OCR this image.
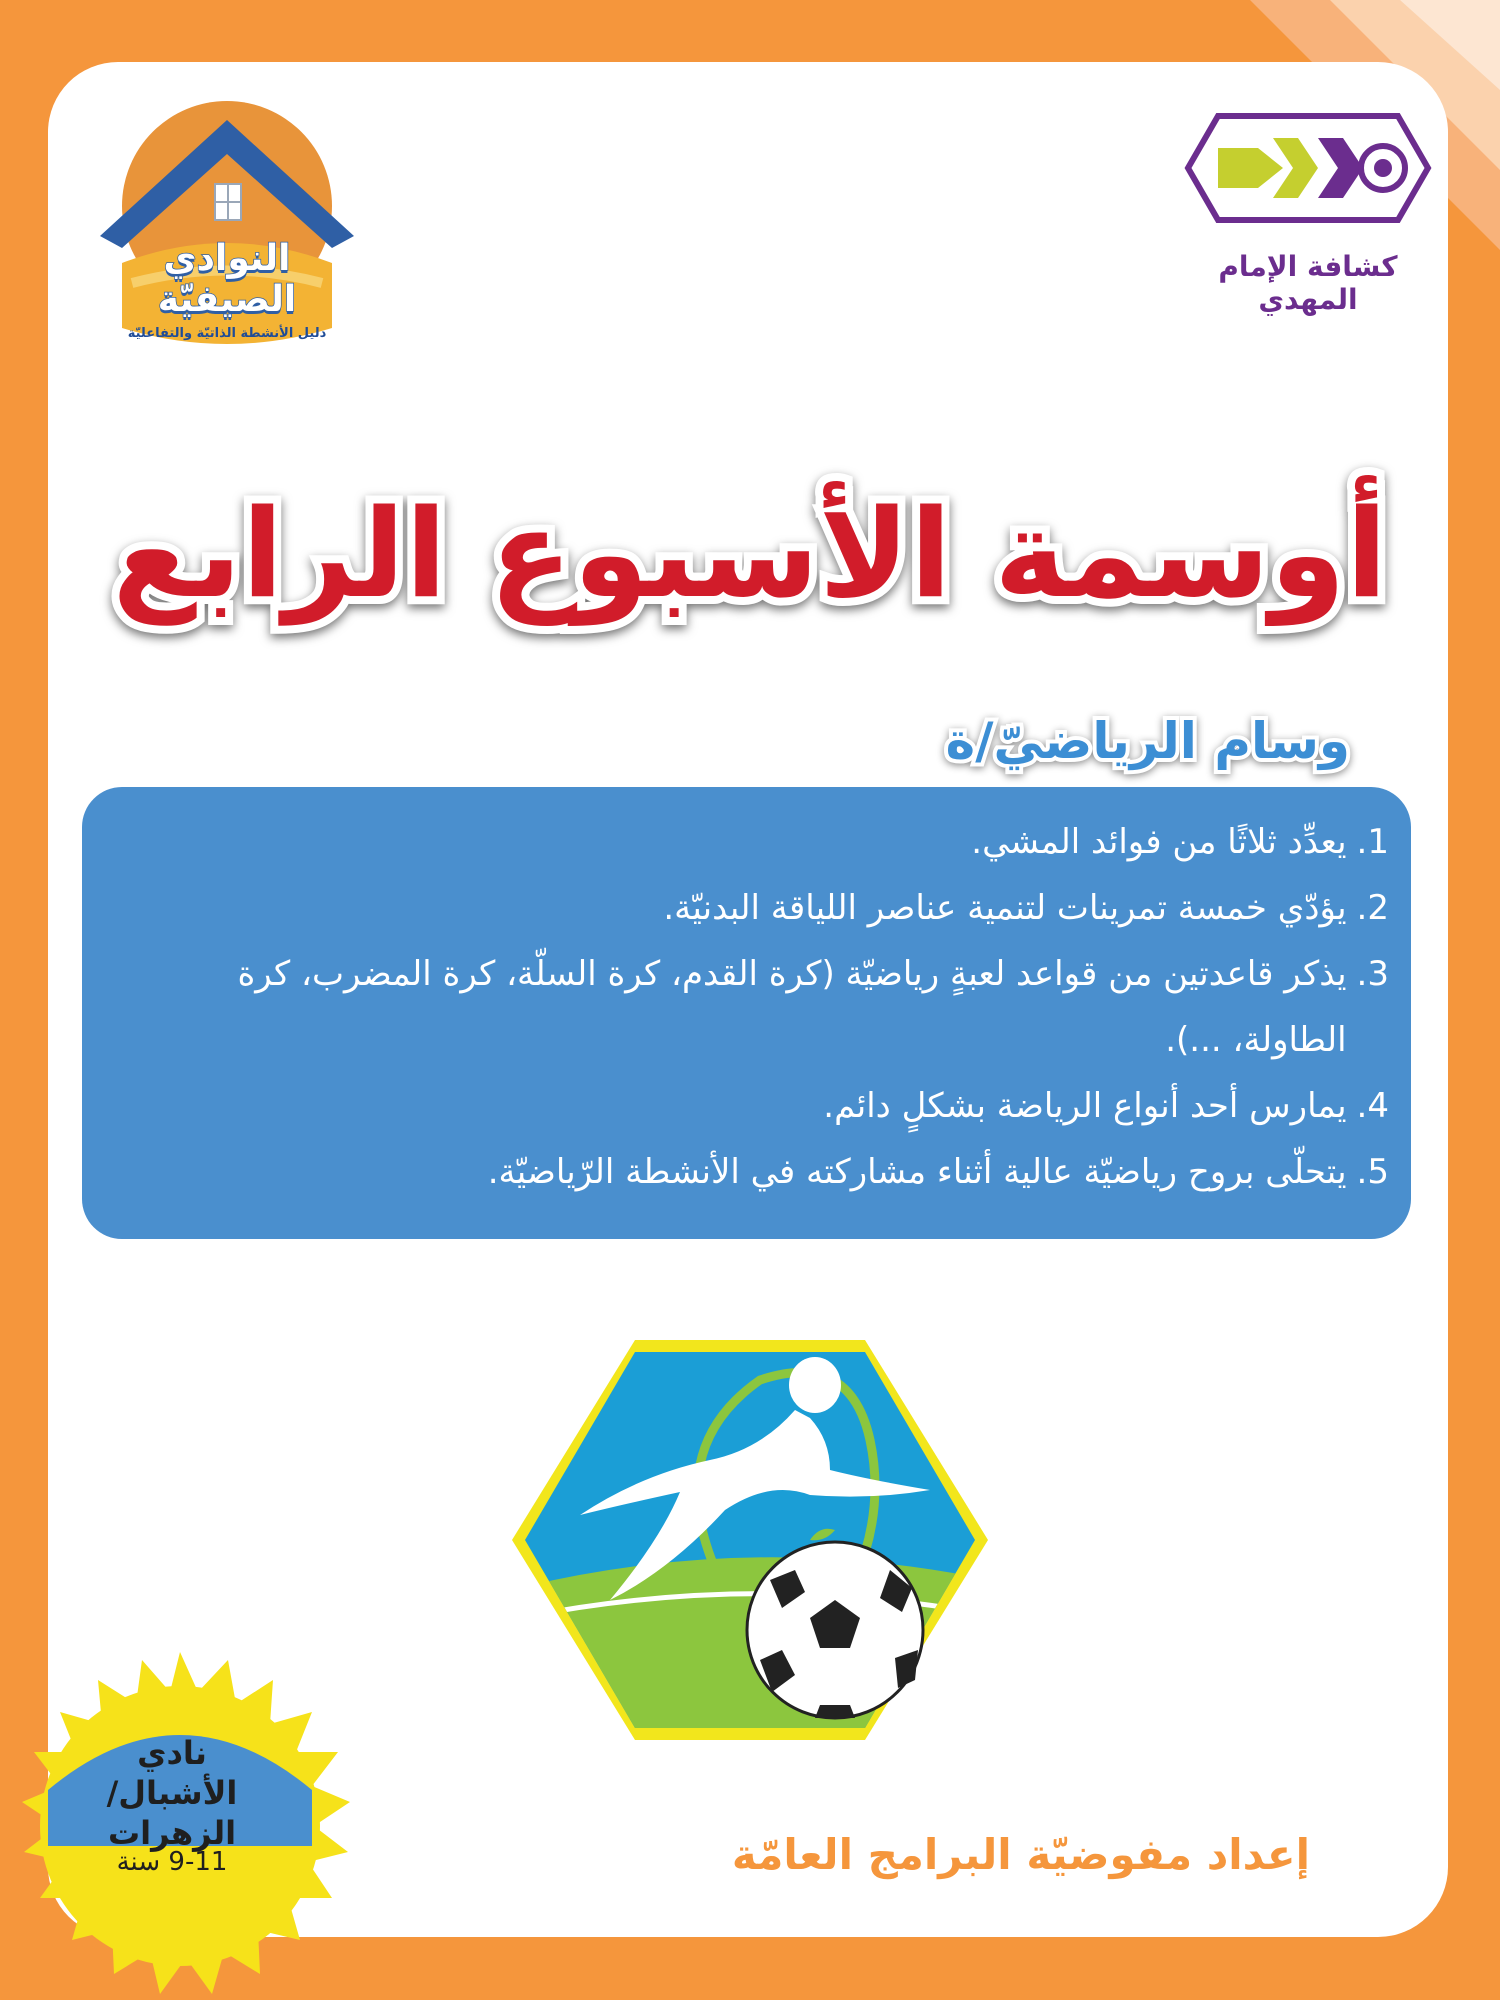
النوادي الصيفيّة
دليل الأنشطة الذاتيّة والتفاعليّة
كشافة الإمام المهدي
أوسمة الأسبوع الرابع
وسام الرياضيّ/ة
1.
يعدِّد ثلاثًا من فوائد المشي.
2.
يؤدّي خمسة تمرينات لتنمية عناصر اللياقة البدنيّة.
3.
يذكر قاعدتين من قواعد لعبةٍ رياضيّة (كرة القدم، كرة السلّة، كرة المضرب، كرة الطاولة، ...).
4.
يمارس أحد أنواع الرياضة بشكلٍ دائم.
5.
يتحلّى بروح رياضيّة عالية أثناء مشاركته في الأنشطة الرّياضيّة.
نادي
الأشبال/ الزهرات
9-11 سنة	إعداد مفوضيّة البرامج العامّة
